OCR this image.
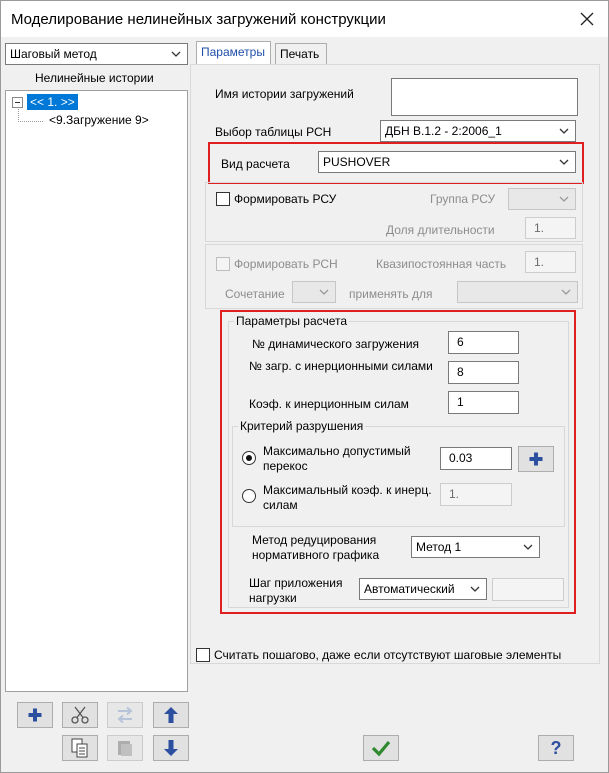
Моделирование нелинейных загружений конструкции
Шаговый метод
Нелинейные истории
<< 1. >>
<9.Загружение 9>
Параметры	Печать
Имя истории загружений
Выбор таблицы РСН	ДБН В.1.2 - 2:2006_1
Вид расчета	PUSHOVER
Формировать РСУ	Группа РСУ
Доля длительности	1.
Формировать РСН	Квазипостоянная часть	1.
Сочетание	применять для
Параметры расчета
№ динамического загружения	6
№ загр. с инерционными силами	8
Коэф. к инерционным силам	1
Критерий разрушения
Максимально допустимый перекос
0.03
Максимальный коэф. к инерц. силам
1.
Метод редуцирования нормативного графика
Метод 1
Шаг приложения нагрузки
Автоматический
Считать пошагово, даже если отсутствуют шаговые элементы
?
